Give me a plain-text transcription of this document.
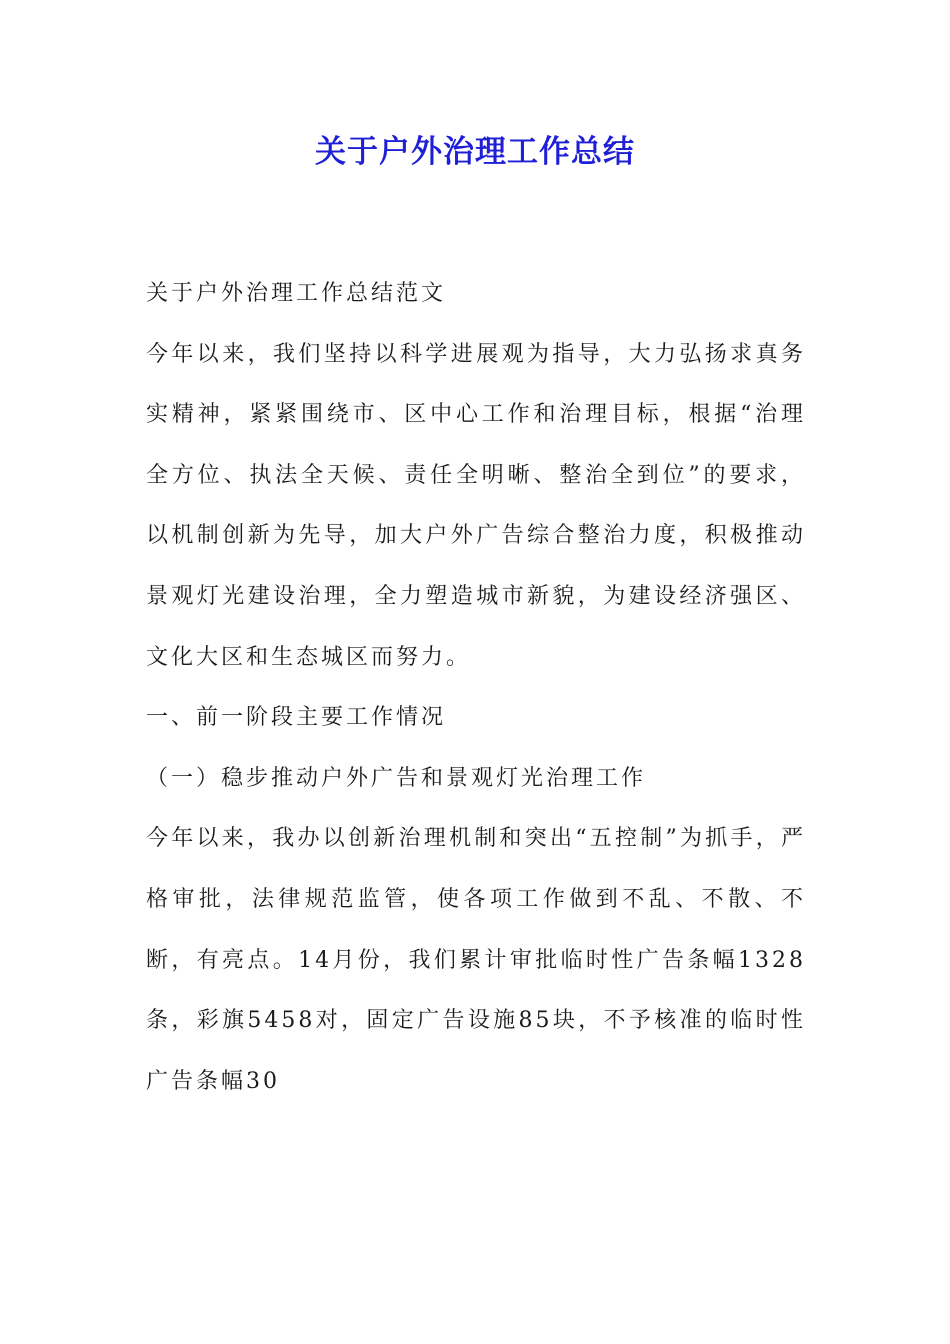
关于户外治理工作总结

关于户外治理工作总结范文

今年以来，我们坚持以科学进展观为指导，大力弘扬求真务实精神，紧紧围绕市、区中心工作和治理目标，根据“治理全方位、执法全天候、责任全明晰、整治全到位”的要求，以机制创新为先导，加大户外广告综合整治力度，积极推动景观灯光建设治理，全力塑造城市新貌，为建设经济强区、文化大区和生态城区而努力。

一、前一阶段主要工作情况

（一）稳步推动户外广告和景观灯光治理工作

今年以来，我办以创新治理机制和突出“五控制”为抓手，严格审批，法律规范监管，使各项工作做到不乱、不散、不断，有亮点。14月份，我们累计审批临时性广告条幅1328条，彩旗5458对，固定广告设施85块，不予核准的临时性广告条幅30
